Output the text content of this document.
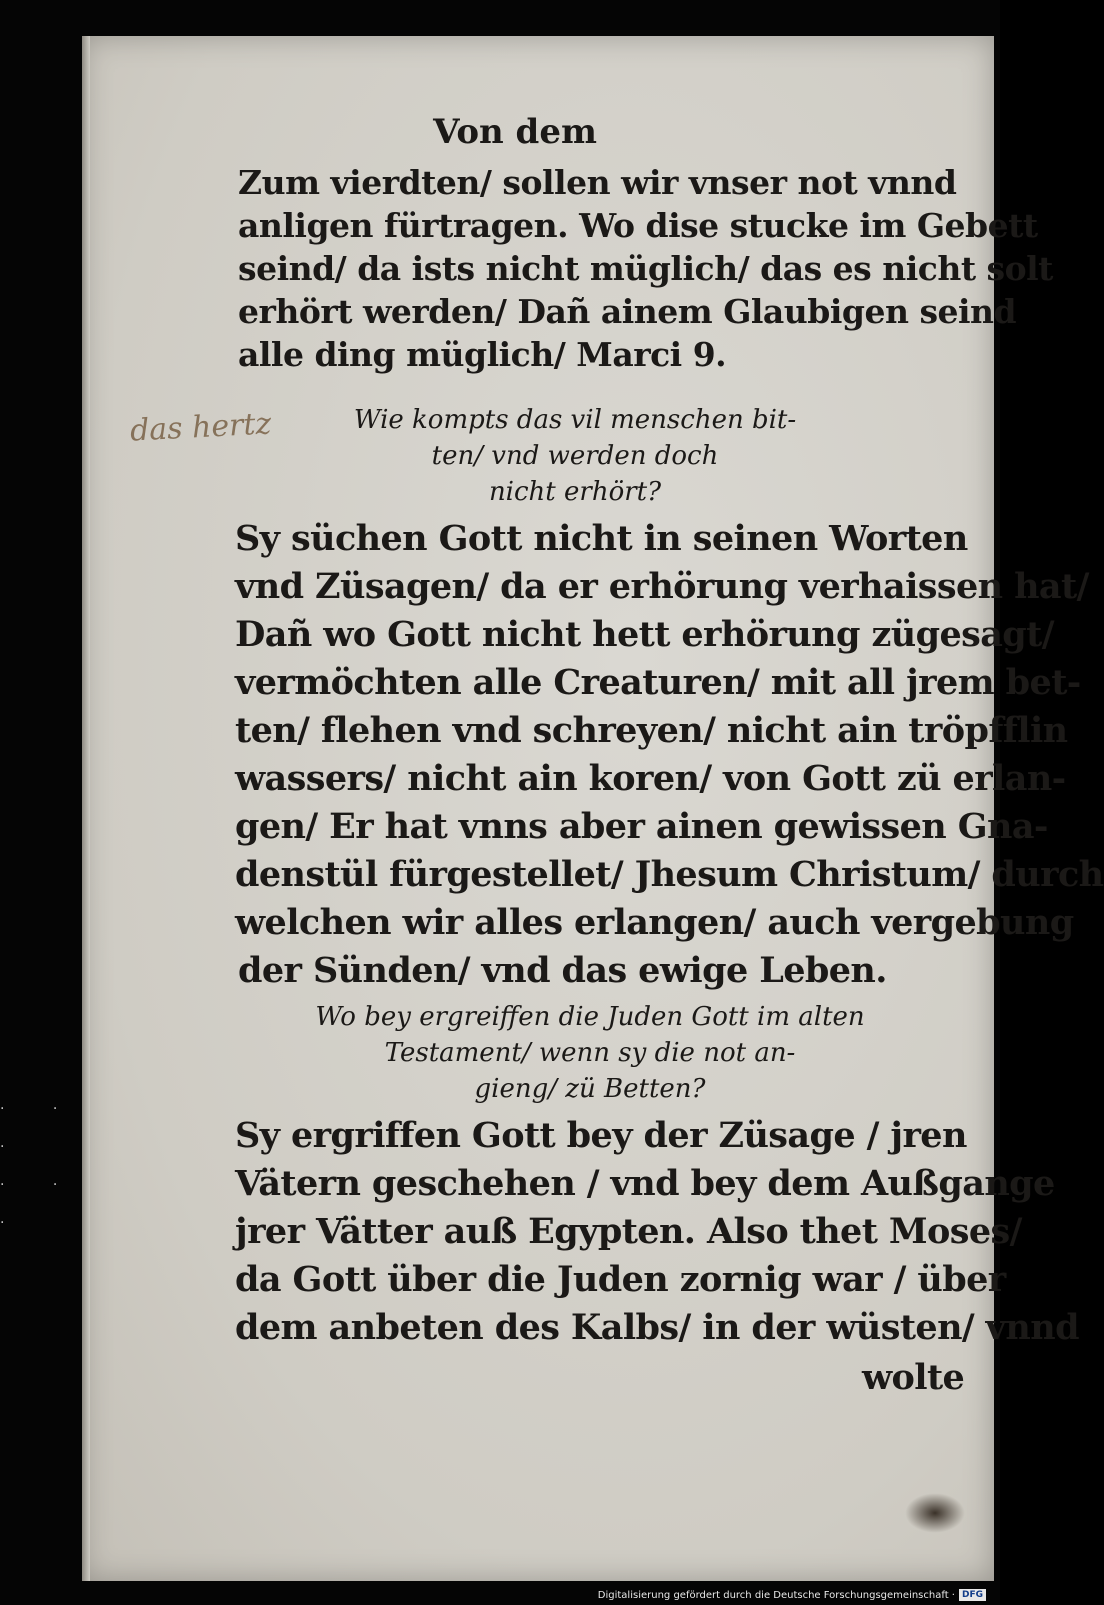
· · ·
· · ·

Von dem

Zum vierdten/ sollen wir vnser not vnnd

anligen fürtragen. Wo dise stucke im Gebett

seind/ da ists nicht müglich/ das es nicht solt

erhört werden/ Dañ ainem Glaubigen seind

alle ding müglich/ Marci 9.

Wie kompts das vil menschen bit-

ten/ vnd werden doch

nicht erhört?

das hertz

Sy süchen Gott nicht in seinen Worten

vnd Züsagen/ da er erhörung verhaissen hat/

Dañ wo Gott nicht hett erhörung zügesagt/

vermöchten alle Creaturen/ mit all jrem bet-

ten/ flehen vnd schreyen/ nicht ain tröpfflin

wassers/ nicht ain koren/ von Gott zü erlan-

gen/ Er hat vnns aber ainen gewissen Gna-

denstül fürgestellet/ Jhesum Christum/ durch

welchen wir alles erlangen/ auch vergebung

der Sünden/ vnd das ewige Leben.

Wo bey ergreiffen die Juden Gott im alten

Testament/ wenn sy die not an-

gieng/ zü Betten?

Sy ergriffen Gott bey der Züsage / jren

Vätern geschehen / vnd bey dem Außgange

jrer Vätter auß Egypten. Also thet Moses/

da Gott über die Juden zornig war / über

dem anbeten des Kalbs/ in der wüsten/ vnnd

wolte

Digitalisierung gefördert durch die Deutsche Forschungsgemeinschaft · DFG
